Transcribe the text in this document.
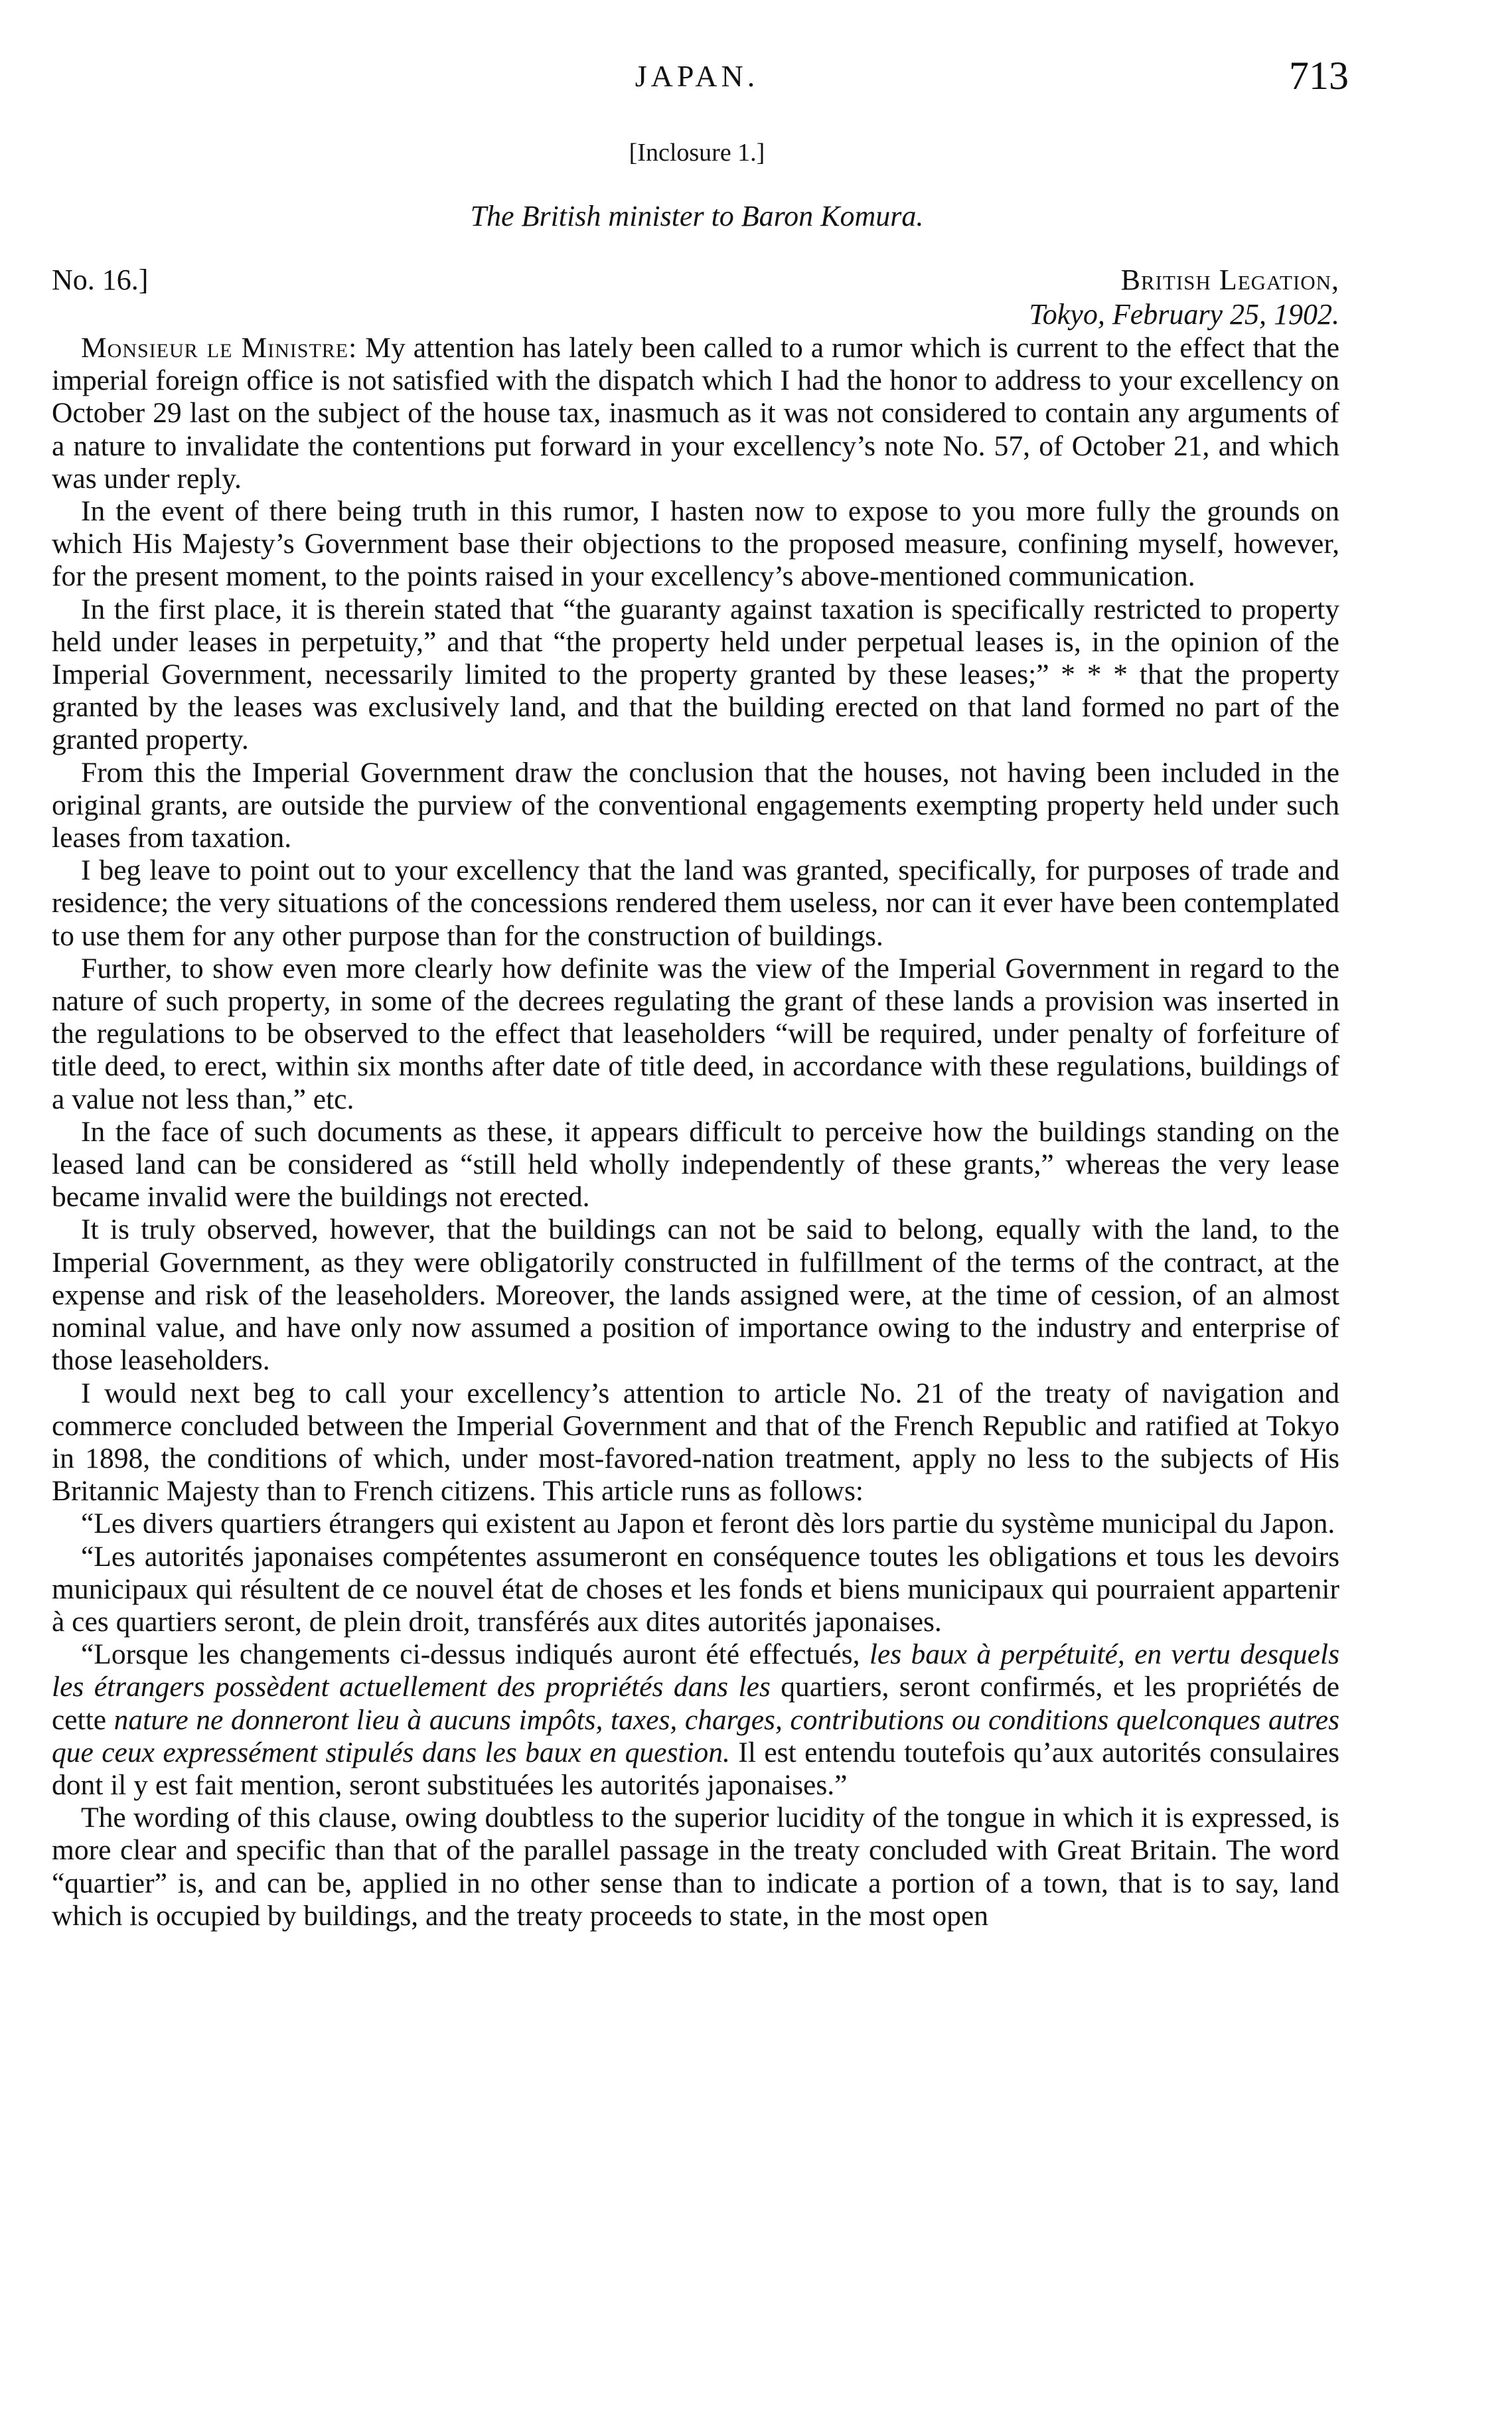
JAPAN.	713
[Inclosure 1.]
The British minister to Baron Komura.
No. 16.]	British Legation,
Tokyo, February 25, 1902.

Monsieur le Ministre: My attention has lately been called to a rumor which is current to the effect that the imperial foreign office is not satisfied with the dispatch which I had the honor to address to your excellency on October 29 last on the subject of the house tax, inasmuch as it was not considered to contain any arguments of a nature to invalidate the contentions put forward in your excellency’s note No. 57, of October 21, and which was under reply.

In the event of there being truth in this rumor, I hasten now to expose to you more fully the grounds on which His Majesty’s Government base their objections to the proposed measure, confining myself, however, for the present moment, to the points raised in your excellency’s above-mentioned communication.

In the first place, it is therein stated that “the guaranty against taxation is specifically restricted to property held under leases in perpetuity,” and that “the property held under perpetual leases is, in the opinion of the Imperial Government, necessarily limited to the property granted by these leases;” * * * that the property granted by the leases was exclusively land, and that the building erected on that land formed no part of the granted property.

From this the Imperial Government draw the conclusion that the houses, not having been included in the original grants, are outside the purview of the conventional engagements exempting property held under such leases from taxation.

I beg leave to point out to your excellency that the land was granted, specifically, for purposes of trade and residence; the very situations of the concessions rendered them useless, nor can it ever have been contemplated to use them for any other purpose than for the construction of buildings.

Further, to show even more clearly how definite was the view of the Imperial Government in regard to the nature of such property, in some of the decrees regulating the grant of these lands a provision was inserted in the regulations to be observed to the effect that leaseholders “will be required, under penalty of forfeiture of title deed, to erect, within six months after date of title deed, in accordance with these regulations, buildings of a value not less than,” etc.

In the face of such documents as these, it appears difficult to perceive how the buildings standing on the leased land can be considered as “still held wholly independently of these grants,” whereas the very lease became invalid were the buildings not erected.

It is truly observed, however, that the buildings can not be said to belong, equally with the land, to the Imperial Government, as they were obligatorily constructed in fulfillment of the terms of the contract, at the expense and risk of the leaseholders. Moreover, the lands assigned were, at the time of cession, of an almost nominal value, and have only now assumed a position of importance owing to the industry and enterprise of those leaseholders.

I would next beg to call your excellency’s attention to article No. 21 of the treaty of navigation and commerce concluded between the Imperial Government and that of the French Republic and ratified at Tokyo in 1898, the conditions of which, under most-favored-nation treatment, apply no less to the subjects of His Britannic Majesty than to French citizens. This article runs as follows:

“Les divers quartiers étrangers qui existent au Japon et feront dès lors partie du système municipal du Japon.

“Les autorités japonaises compétentes assumeront en conséquence toutes les obligations et tous les devoirs municipaux qui résultent de ce nouvel état de choses et les fonds et biens municipaux qui pourraient appartenir à ces quartiers seront, de plein droit, transférés aux dites autorités japonaises.

“Lorsque les changements ci-dessus indiqués auront été effectués, les baux à perpétuité, en vertu desquels les étrangers possèdent actuellement des propriétés dans les quartiers, seront confirmés, et les propriétés de cette nature ne donneront lieu à aucuns impôts, taxes, charges, contributions ou conditions quelconques autres que ceux expressément stipulés dans les baux en question. Il est entendu toutefois qu’aux autorités consulaires dont il y est fait mention, seront substituées les autorités japonaises.”

The wording of this clause, owing doubtless to the superior lucidity of the tongue in which it is expressed, is more clear and specific than that of the parallel passage in the treaty concluded with Great Britain. The word “quartier” is, and can be, applied in no other sense than to indicate a portion of a town, that is to say, land which is occupied by buildings, and the treaty proceeds to state, in the most open
